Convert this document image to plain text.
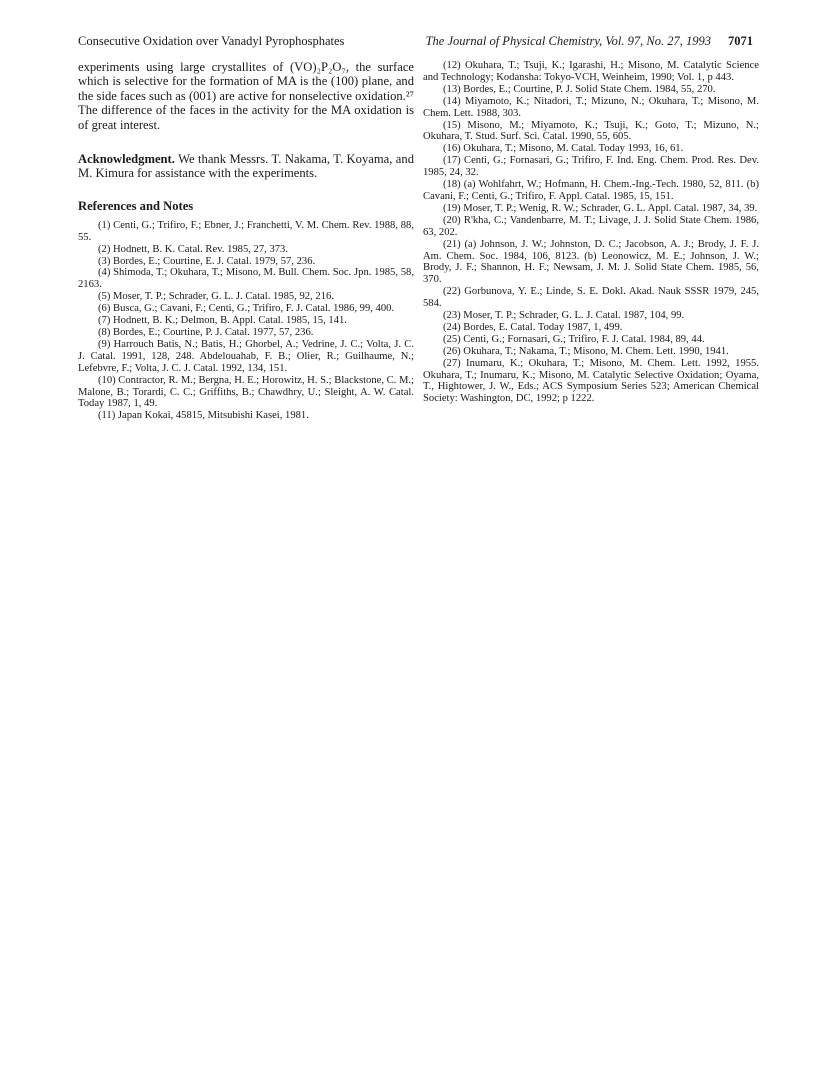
Consecutive Oxidation over Vanadyl Pyrophosphates	The Journal of Physical Chemistry, Vol. 97, No. 27, 1993 7071

experiments using large crystallites of (VO)₂P₂O₇, the surface which is selective for the formation of MA is the (100) plane, and the side faces such as (001) are active for nonselective oxidation.²⁷ The difference of the faces in the activity for the MA oxidation is of great interest.

Acknowledgment. We thank Messrs. T. Nakama, T. Koyama, and M. Kimura for assistance with the experiments.

References and Notes

(1) Centi, G.; Trifiro, F.; Ebner, J.; Franchetti, V. M. Chem. Rev. 1988, 88, 55.

(2) Hodnett, B. K. Catal. Rev. 1985, 27, 373.

(3) Bordes, E.; Courtine, E. J. Catal. 1979, 57, 236.

(4) Shimoda, T.; Okuhara, T.; Misono, M. Bull. Chem. Soc. Jpn. 1985, 58, 2163.

(5) Moser, T. P.; Schrader, G. L. J. Catal. 1985, 92, 216.

(6) Busca, G.; Cavani, F.; Centi, G.; Trifiro, F. J. Catal. 1986, 99, 400.

(7) Hodnett, B. K.; Delmon, B. Appl. Catal. 1985, 15, 141.

(8) Bordes, E.; Courtine, P. J. Catal. 1977, 57, 236.

(9) Harrouch Batis, N.; Batis, H.; Ghorbel, A.; Vedrine, J. C.; Volta, J. C. J. Catal. 1991, 128, 248. Abdelouahab, F. B.; Olier, R.; Guilhaume, N.; Lefebvre, F.; Volta, J. C. J. Catal. 1992, 134, 151.

(10) Contractor, R. M.; Bergna, H. E.; Horowitz, H. S.; Blackstone, C. M.; Malone, B.; Torardi, C. C.; Griffiths, B.; Chawdhry, U.; Sleight, A. W. Catal. Today 1987, 1, 49.

(11) Japan Kokai, 45815, Mitsubishi Kasei, 1981.

(12) Okuhara, T.; Tsuji, K.; Igarashi, H.; Misono, M. Catalytic Science and Technology; Kodansha: Tokyo-VCH, Weinheim, 1990; Vol. 1, p 443.

(13) Bordes, E.; Courtine, P. J. Solid State Chem. 1984, 55, 270.

(14) Miyamoto, K.; Nitadori, T.; Mizuno, N.; Okuhara, T.; Misono, M. Chem. Lett. 1988, 303.

(15) Misono, M.; Miyamoto, K.; Tsuji, K.; Goto, T.; Mizuno, N.; Okuhara, T. Stud. Surf. Sci. Catal. 1990, 55, 605.

(16) Okuhara, T.; Misono, M. Catal. Today 1993, 16, 61.

(17) Centi, G.; Fornasari, G.; Trifiro, F. Ind. Eng. Chem. Prod. Res. Dev. 1985, 24, 32.

(18) (a) Wohlfahrt, W.; Hofmann, H. Chem.-Ing.-Tech. 1980, 52, 811. (b) Cavani, F.; Centi, G.; Trifiro, F. Appl. Catal. 1985, 15, 151.

(19) Moser, T. P.; Wenig, R. W.; Schrader, G. L. Appl. Catal. 1987, 34, 39.

(20) R'kha, C.; Vandenbarre, M. T.; Livage, J. J. Solid State Chem. 1986, 63, 202.

(21) (a) Johnson, J. W.; Johnston, D. C.; Jacobson, A. J.; Brody, J. F. J. Am. Chem. Soc. 1984, 106, 8123. (b) Leonowicz, M. E.; Johnson, J. W.; Brody, J. F.; Shannon, H. F.; Newsam, J. M. J. Solid State Chem. 1985, 56, 370.

(22) Gorbunova, Y. E.; Linde, S. E. Dokl. Akad. Nauk SSSR 1979, 245, 584.

(23) Moser, T. P.; Schrader, G. L. J. Catal. 1987, 104, 99.

(24) Bordes, E. Catal. Today 1987, 1, 499.

(25) Centi, G.; Fornasari, G.; Trifiro, F. J. Catal. 1984, 89, 44.

(26) Okuhara, T.; Nakama, T.; Misono, M. Chem. Lett. 1990, 1941.

(27) Inumaru, K.; Okuhara, T.; Misono, M. Chem. Lett. 1992, 1955. Okuhara, T.; Inumaru, K.; Misono, M. Catalytic Selective Oxidation; Oyama, T., Hightower, J. W., Eds.; ACS Symposium Series 523; American Chemical Society: Washington, DC, 1992; p 1222.
